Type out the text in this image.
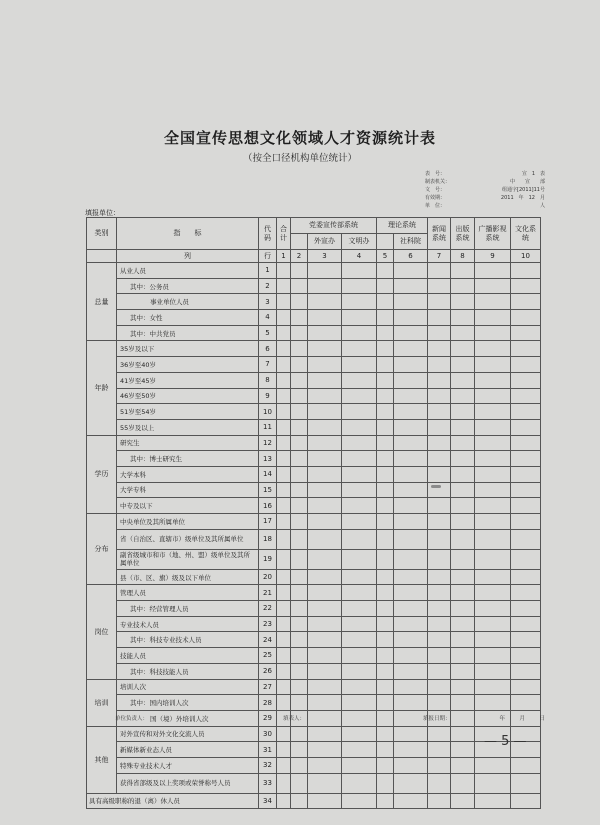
全国宣传思想文化领域人才资源统计表
（按全口径机构单位统计）
表　号：	宣　1　表
制表机关：	中　　宣　　部
文　号：	组通字[2011]11号
有效期：	2011　年　12　月
单　位：	人
填报单位：
类别	指　　标	代码	合计	党委宣传部系统			理论系统		新闻系统	出版系统	广播影视系统	文化系统
					外宣办	文明办		社科院				
	列	行	1	2	3	4	5	6	7	8	9	10
总量	从业人员	1										
	其中：公务员	2										
	事业单位人员	3										
	其中：女性	4										
	其中：中共党员	5										
年龄	35岁及以下	6										
	36岁至40岁	7										
	41岁至45岁	8										
	46岁至50岁	9										
	51岁至54岁	10										
	55岁及以上	11										
学历	研究生	12										
	其中：博士研究生	13										
	大学本科	14										
	大学专科	15										
	中专及以下	16										
分布	中央单位及其所属单位	17										
	省（自治区、直辖市）级单位及其所属单位	18										
	副省级城市和市（地、州、盟）级单位及其所属单位	19										
	县（市、区、旗）级及以下单位	20										
岗位	管理人员	21										
	其中：经营管理人员	22										
	专业技术人员	23										
	其中：科技专业技术人员	24										
	技能人员	25										
	其中：科技技能人员	26										
培训	培训人次	27										
	其中：国内培训人次	28										
	国（境）外培训人次	29										
其他	对外宣传和对外文化交流人员	30										
	新媒体新业态人员	31										
	特殊专业技术人才	32										
	获得省部级及以上奖项或荣誉称号人员	33										
具有高级职称的退（离）休人员		34										
单位负责人：	填表人：	填报日期：	年	月	日
— 5 —
